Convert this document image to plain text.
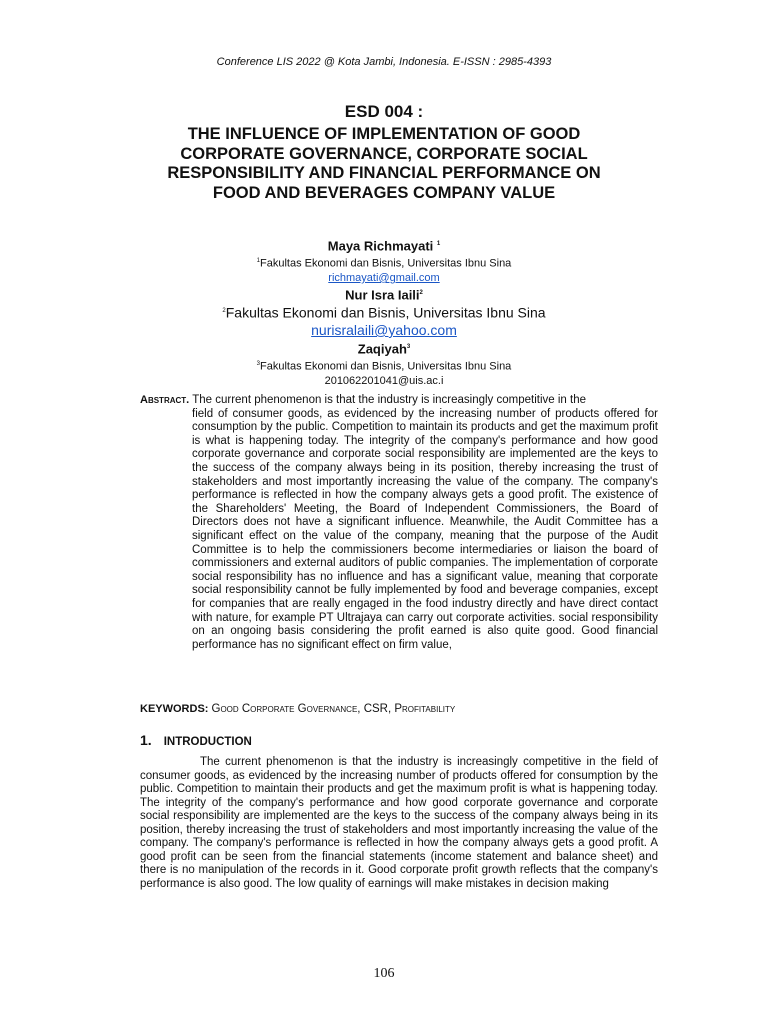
Conference LIS 2022 @ Kota Jambi, Indonesia. E-ISSN : 2985-4393
ESD 004 :
THE INFLUENCE OF IMPLEMENTATION OF GOOD
CORPORATE GOVERNANCE, CORPORATE SOCIAL
RESPONSIBILITY AND FINANCIAL PERFORMANCE ON
FOOD AND BEVERAGES COMPANY VALUE
Maya Richmayati $^1$
$^1$Fakultas Ekonomi dan Bisnis, Universitas Ibnu Sina
richmayati@gmail.com
Nur Isra Iaili$^2$
$^2$Fakultas Ekonomi dan Bisnis, Universitas Ibnu Sina
nurisralaili@yahoo.com
Zaqiyah$^3$
$^3$Fakultas Ekonomi dan Bisnis, Universitas Ibnu Sina
201062201041@uis.ac.i
Abstract. The current phenomenon is that the industry is increasingly competitive in the
field of consumer goods, as evidenced by the increasing number of products offered for consumption by the public. Competition to maintain its products and get the maximum profit is what is happening today. The integrity of the company's performance and how good corporate governance and corporate social responsibility are implemented are the keys to the success of the company always being in its position, thereby increasing the trust of stakeholders and most importantly increasing the value of the company. The company's performance is reflected in how the company always gets a good profit. The existence of the Shareholders' Meeting, the Board of Independent Commissioners, the Board of Directors does not have a significant influence. Meanwhile, the Audit Committee has a significant effect on the value of the company, meaning that the purpose of the Audit Committee is to help the commissioners become intermediaries or liaison the board of commissioners and external auditors of public companies. The implementation of corporate social responsibility has no influence and has a significant value, meaning that corporate social responsibility cannot be fully implemented by food and beverage companies, except for companies that are really engaged in the food industry directly and have direct contact with nature, for example PT Ultrajaya can carry out corporate activities. social responsibility on an ongoing basis considering the profit earned is also quite good. Good financial performance has no significant effect on firm value,
KEYWORDS: Good Corporate Governance, CSR, Profitability
1. INTRODUCTION
The current phenomenon is that the industry is increasingly competitive in the field of consumer goods, as evidenced by the increasing number of products offered for consumption by the public. Competition to maintain their products and get the maximum profit is what is happening today. The integrity of the company's performance and how good corporate governance and corporate social responsibility are implemented are the keys to the success of the company always being in its position, thereby increasing the trust of stakeholders and most importantly increasing the value of the company. The company's performance is reflected in how the company always gets a good profit. A good profit can be seen from the financial statements (income statement and balance sheet) and there is no manipulation of the records in it. Good corporate profit growth reflects that the company's performance is also good. The low quality of earnings will make mistakes in decision making
106
